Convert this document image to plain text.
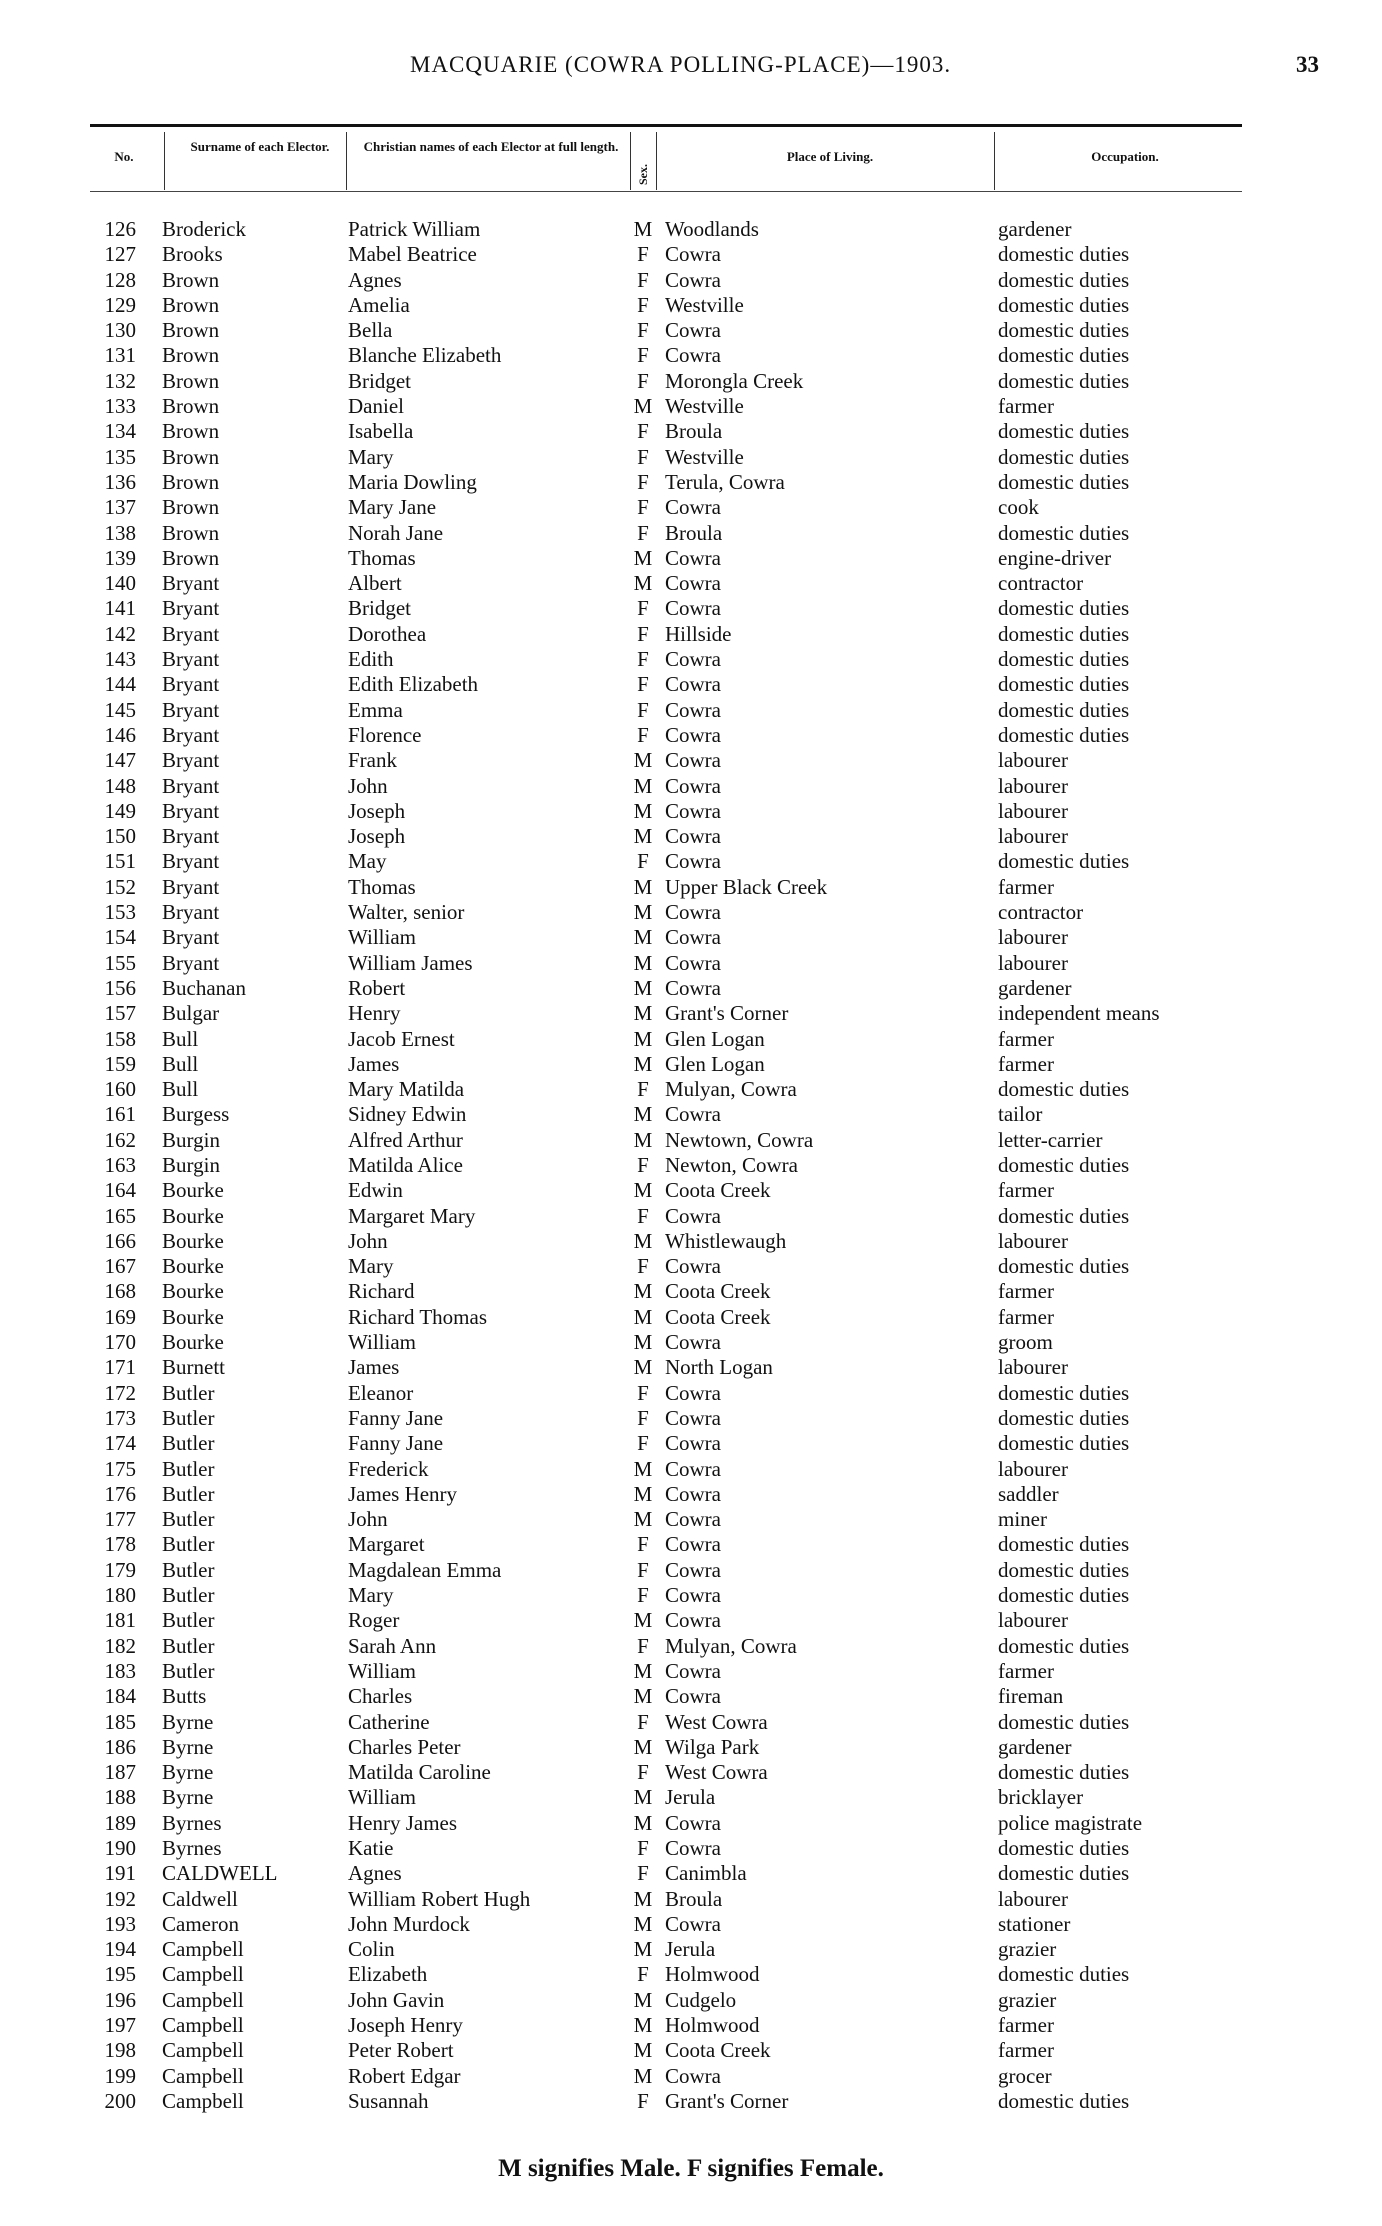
MACQUARIE (COWRA POLLING-PLACE)—1903.	33
No.
Surname of each Elector.	Christian names of each Elector at full length.
Sex.
Place of Living.	Occupation.
126 Broderick	Patrick William	M Woodlands	gardener
127 Brooks	Mabel Beatrice	F Cowra	domestic duties
128 Brown	Agnes	F Cowra	domestic duties
129 Brown	Amelia	F Westville	domestic duties
130 Brown	Bella	F Cowra	domestic duties
131 Brown	Blanche Elizabeth	F Cowra	domestic duties
132 Brown	Bridget	F Morongla Creek	domestic duties
133 Brown	Daniel	M Westville	farmer
134 Brown	Isabella	F Broula	domestic duties
135 Brown	Mary	F Westville	domestic duties
136 Brown	Maria Dowling	F Terula, Cowra	domestic duties
137 Brown	Mary Jane	F Cowra	cook
138 Brown	Norah Jane	F Broula	domestic duties
139 Brown	Thomas	M Cowra	engine-driver
140 Bryant	Albert	M Cowra	contractor
141 Bryant	Bridget	F Cowra	domestic duties
142 Bryant	Dorothea	F Hillside	domestic duties
143 Bryant	Edith	F Cowra	domestic duties
144 Bryant	Edith Elizabeth	F Cowra	domestic duties
145 Bryant	Emma	F Cowra	domestic duties
146 Bryant	Florence	F Cowra	domestic duties
147 Bryant	Frank	M Cowra	labourer
148 Bryant	John	M Cowra	labourer
149 Bryant	Joseph	M Cowra	labourer
150 Bryant	Joseph	M Cowra	labourer
151 Bryant	May	F Cowra	domestic duties
152 Bryant	Thomas	M Upper Black Creek	farmer
153 Bryant	Walter, senior	M Cowra	contractor
154 Bryant	William	M Cowra	labourer
155 Bryant	William James	M Cowra	labourer
156 Buchanan	Robert	M Cowra	gardener
157 Bulgar	Henry	M Grant's Corner	independent means
158 Bull	Jacob Ernest	M Glen Logan	farmer
159 Bull	James	M Glen Logan	farmer
160 Bull	Mary Matilda	F Mulyan, Cowra	domestic duties
161 Burgess	Sidney Edwin	M Cowra	tailor
162 Burgin	Alfred Arthur	M Newtown, Cowra	letter-carrier
163 Burgin	Matilda Alice	F Newton, Cowra	domestic duties
164 Bourke	Edwin	M Coota Creek	farmer
165 Bourke	Margaret Mary	F Cowra	domestic duties
166 Bourke	John	M Whistlewaugh	labourer
167 Bourke	Mary	F Cowra	domestic duties
168 Bourke	Richard	M Coota Creek	farmer
169 Bourke	Richard Thomas	M Coota Creek	farmer
170 Bourke	William	M Cowra	groom
171 Burnett	James	M North Logan	labourer
172 Butler	Eleanor	F Cowra	domestic duties
173 Butler	Fanny Jane	F Cowra	domestic duties
174 Butler	Fanny Jane	F Cowra	domestic duties
175 Butler	Frederick	M Cowra	labourer
176 Butler	James Henry	M Cowra	saddler
177 Butler	John	M Cowra	miner
178 Butler	Margaret	F Cowra	domestic duties
179 Butler	Magdalean Emma	F Cowra	domestic duties
180 Butler	Mary	F Cowra	domestic duties
181 Butler	Roger	M Cowra	labourer
182 Butler	Sarah Ann	F Mulyan, Cowra	domestic duties
183 Butler	William	M Cowra	farmer
184 Butts	Charles	M Cowra	fireman
185 Byrne	Catherine	F West Cowra	domestic duties
186 Byrne	Charles Peter	M Wilga Park	gardener
187 Byrne	Matilda Caroline	F West Cowra	domestic duties
188 Byrne	William	M Jerula	bricklayer
189 Byrnes	Henry James	M Cowra	police magistrate
190 Byrnes	Katie	F Cowra	domestic duties
191 CALDWELL	Agnes	F Canimbla	domestic duties
192 Caldwell	William Robert Hugh	M Broula	labourer
193 Cameron	John Murdock	M Cowra	stationer
194 Campbell	Colin	M Jerula	grazier
195 Campbell	Elizabeth	F Holmwood	domestic duties
196 Campbell	John Gavin	M Cudgelo	grazier
197 Campbell	Joseph Henry	M Holmwood	farmer
198 Campbell	Peter Robert	M Coota Creek	farmer
199 Campbell	Robert Edgar	M Cowra	grocer
200 Campbell	Susannah	F Grant's Corner	domestic duties
M signifies Male. F signifies Female.
